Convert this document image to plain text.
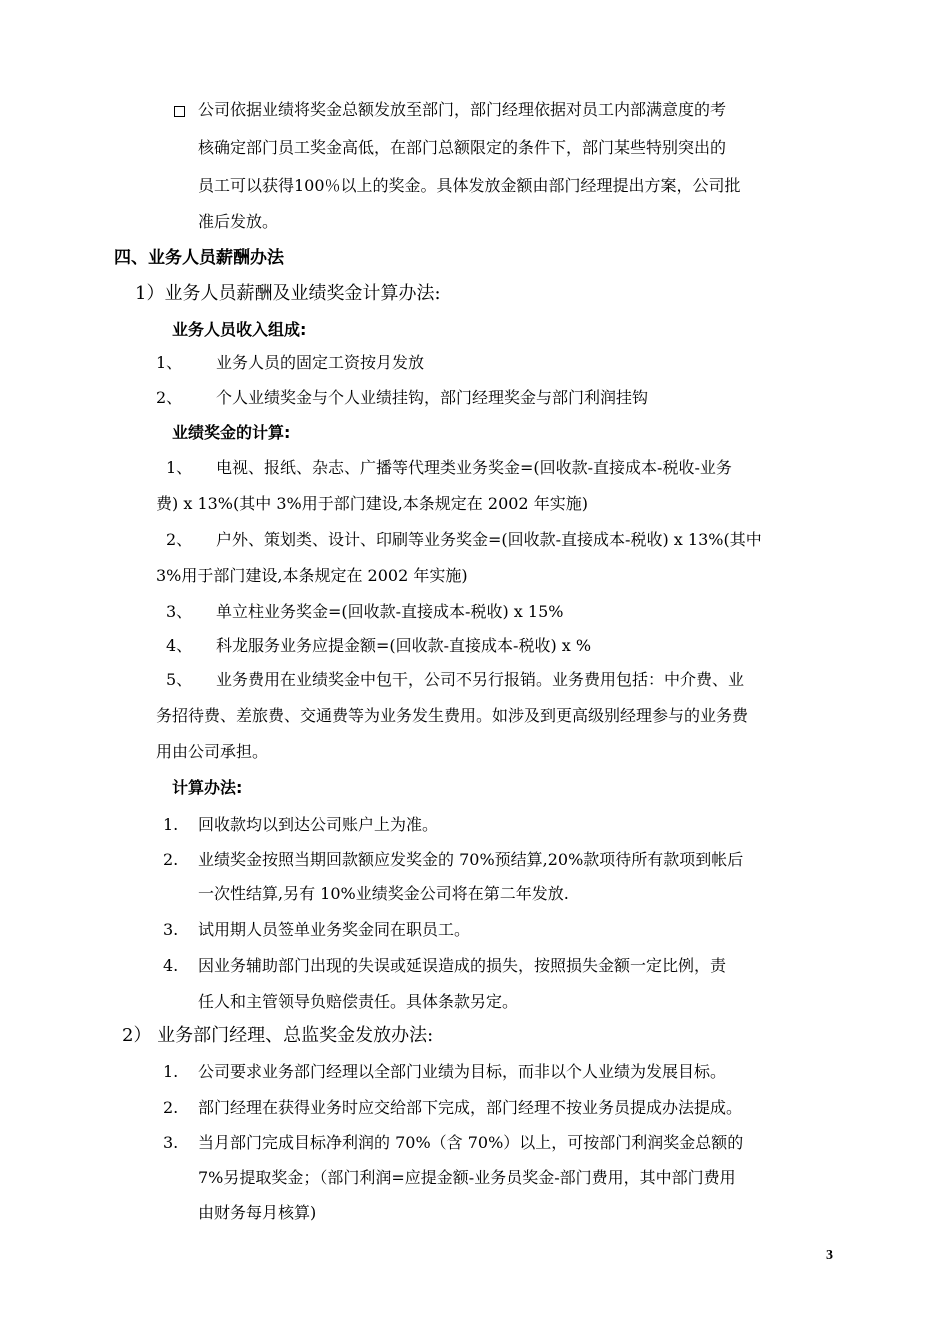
公司依据业绩将奖金总额发放至部门，部门经理依据对员工内部满意度的考
核确定部门员工奖金高低，在部门总额限定的条件下，部门某些特别突出的
员工可以获得100％以上的奖金。具体发放金额由部门经理提出方案，公司批
准后发放。
四、业务人员薪酬办法
1）业务人员薪酬及业绩奖金计算办法:
业务人员收入组成:
1、 业务人员的固定工资按月发放
2、 个人业绩奖金与个人业绩挂钩，部门经理奖金与部门利润挂钩
业绩奖金的计算:
1、 电视、报纸、杂志、广播等代理类业务奖金=(回收款-直接成本-税收-业务
费) x 13%(其中 3%用于部门建设,本条规定在 2002 年实施)
2、 户外、策划类、设计、印刷等业务奖金=(回收款-直接成本-税收) x 13%(其中
3%用于部门建设,本条规定在 2002 年实施)
3、 单立柱业务奖金=(回收款-直接成本-税收) x 15%
4、 科龙服务业务应提金额=(回收款-直接成本-税收) x %
5、 业务费用在业绩奖金中包干，公司不另行报销。业务费用包括：中介费、业
务招待费、差旅费、交通费等为业务发生费用。如涉及到更高级别经理参与的业务费
用由公司承担。
计算办法:
1. 回收款均以到达公司账户上为准。
2. 业绩奖金按照当期回款额应发奖金的 70%预结算,20%款项待所有款项到帐后
一次性结算,另有 10%业绩奖金公司将在第二年发放.
3. 试用期人员签单业务奖金同在职员工。
4. 因业务辅助部门出现的失误或延误造成的损失，按照损失金额一定比例，责
任人和主管领导负赔偿责任。具体条款另定。
2） 业务部门经理、总监奖金发放办法:
1. 公司要求业务部门经理以全部门业绩为目标，而非以个人业绩为发展目标。
2. 部门经理在获得业务时应交给部下完成，部门经理不按业务员提成办法提成。
3. 当月部门完成目标净利润的 70%（含 70%）以上，可按部门利润奖金总额的
7%另提取奖金；（部门利润=应提金额-业务员奖金-部门费用，其中部门费用
由财务每月核算)
3
